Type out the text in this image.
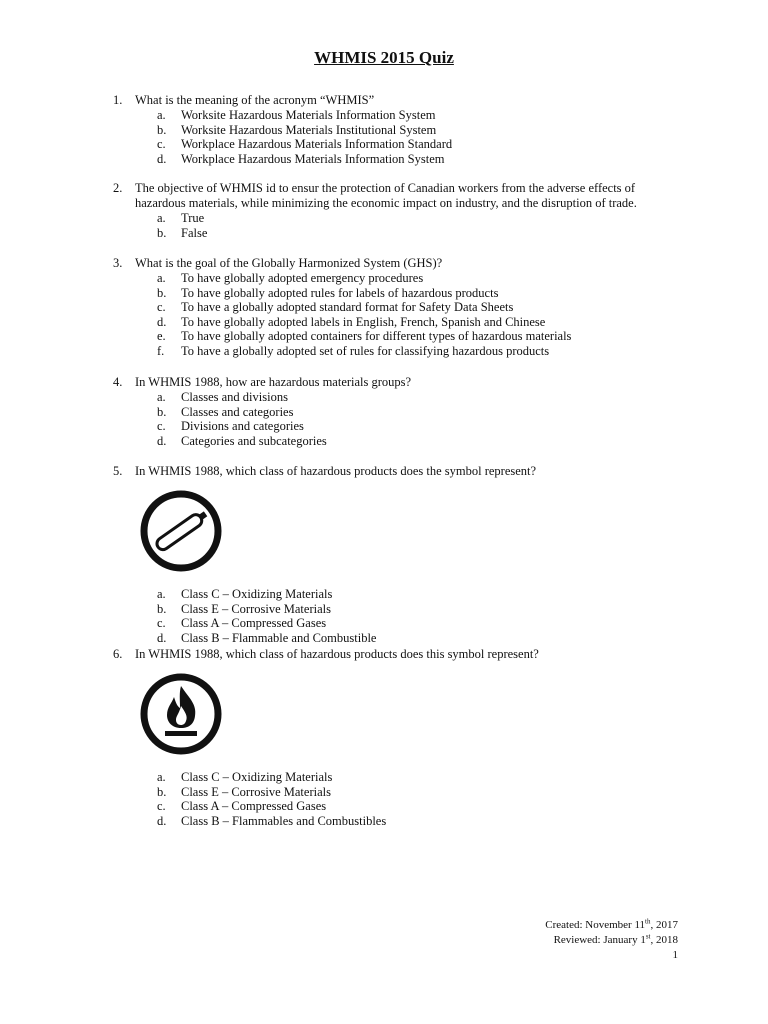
WHMIS 2015 Quiz
1. What is the meaning of the acronym “WHMIS”
a. Worksite Hazardous Materials Information System
b. Worksite Hazardous Materials Institutional System
c. Workplace Hazardous Materials Information Standard
d. Workplace Hazardous Materials Information System
2. The objective of WHMIS id to ensur the protection of Canadian workers from the adverse effects of hazardous materials, while minimizing the economic impact on industry, and the disruption of trade.
a. True
b. False
3. What is the goal of the Globally Harmonized System (GHS)?
a. To have globally adopted emergency procedures
b. To have globally adopted rules for labels of hazardous products
c. To have a globally adopted standard format for Safety Data Sheets
d. To have globally adopted labels in English, French, Spanish and Chinese
e. To have globally adopted containers for different types of hazardous materials
f. To have a globally adopted set of rules for classifying hazardous products
4. In WHMIS 1988, how are hazardous materials groups?
a. Classes and divisions
b. Classes and categories
c. Divisions and categories
d. Categories and subcategories
5. In WHMIS 1988, which class of hazardous products does the symbol represent?
a. Class C – Oxidizing Materials
b. Class E – Corrosive Materials
c. Class A – Compressed Gases
d. Class B – Flammable and Combustible
6. In WHMIS 1988, which class of hazardous products does this symbol represent?
a. Class C – Oxidizing Materials
b. Class E – Corrosive Materials
c. Class A – Compressed Gases
d. Class B – Flammables and Combustibles
Created: November 11th, 2017
Reviewed: January 1st, 2018
1
